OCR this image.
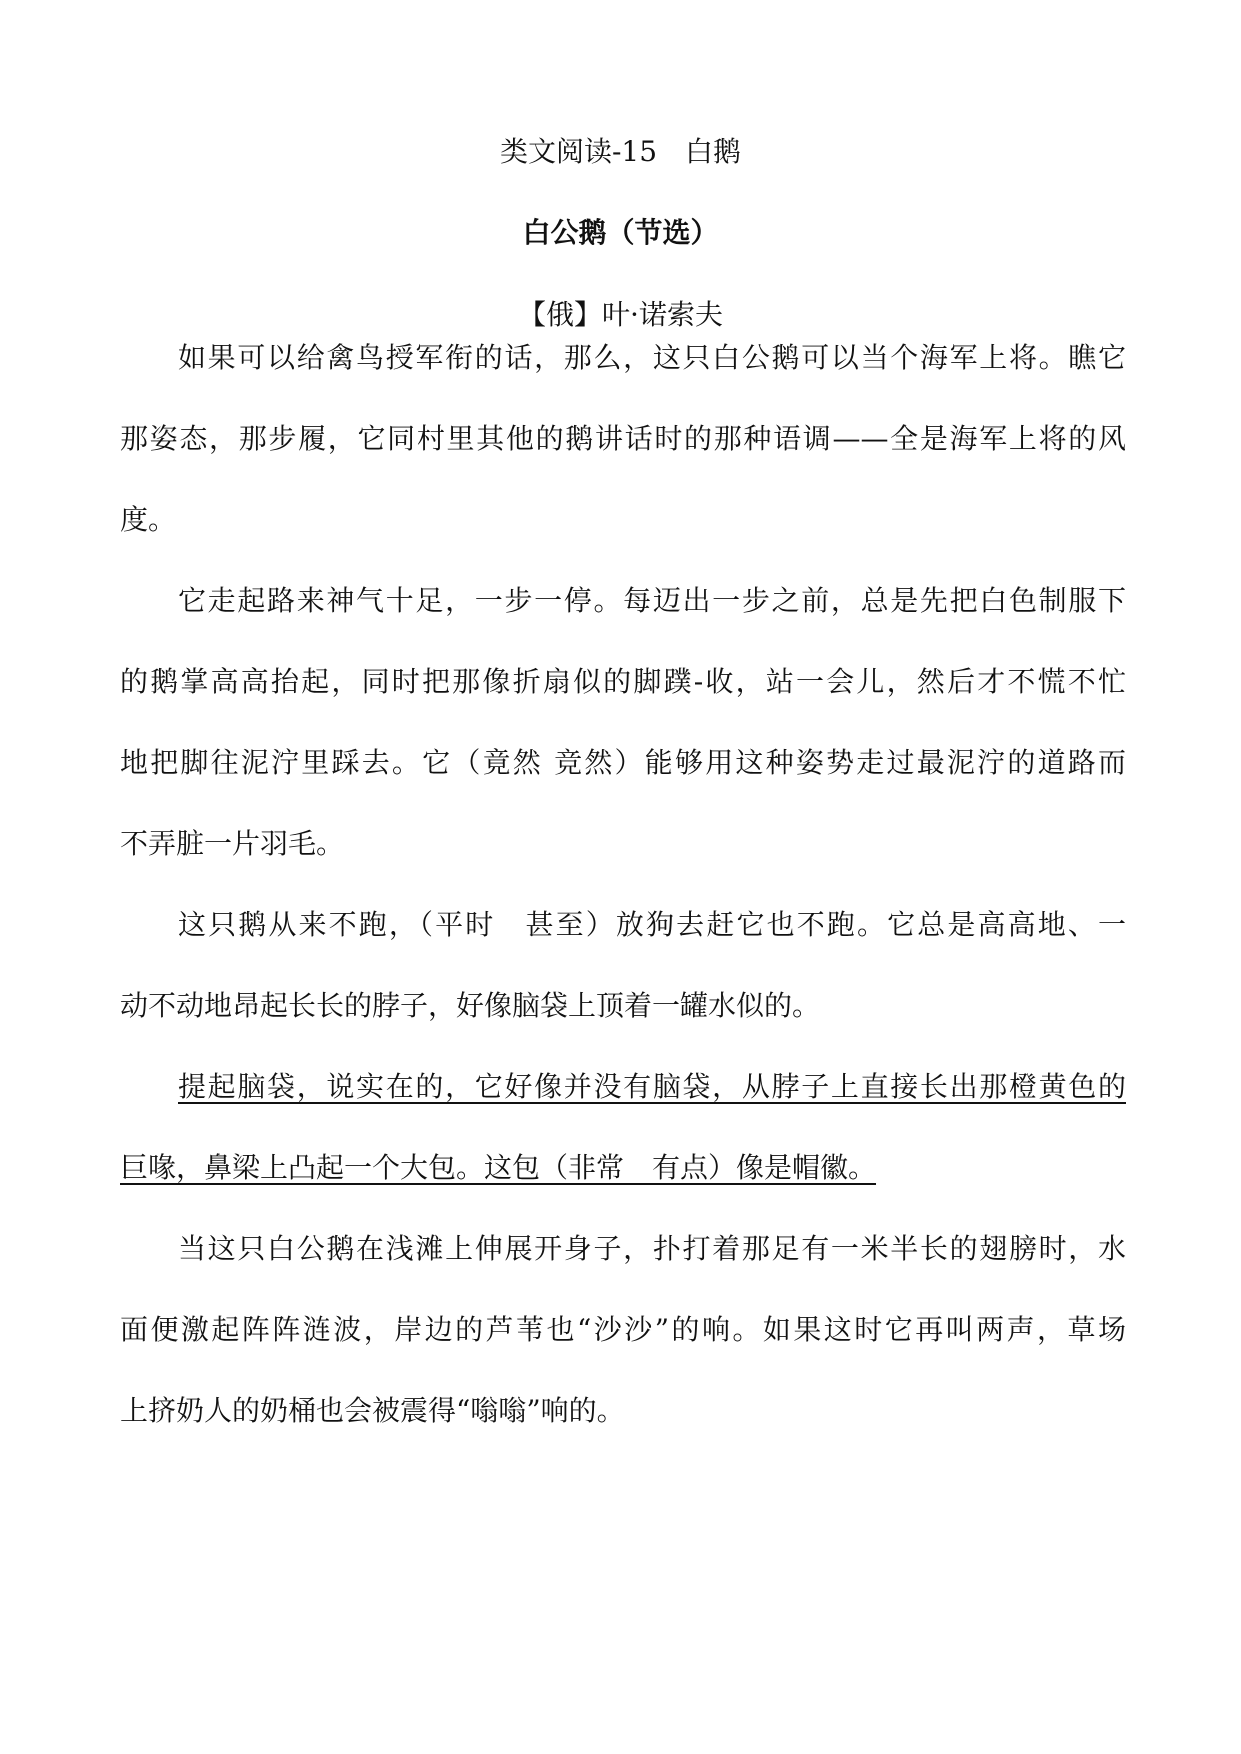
类文阅读-15　白鹅
白公鹅（节选）
【俄】叶·诺索夫
如果可以给禽鸟授军衔的话，那么，这只白公鹅可以当个海军上将。瞧它
那姿态，那步履，它同村里其他的鹅讲话时的那种语调——全是海军上将的风
度。
它走起路来神气十足，一步一停。每迈出一步之前，总是先把白色制服下
的鹅掌高高抬起，同时把那像折扇似的脚蹼-收，站一会儿，然后才不慌不忙
地把脚往泥泞里踩去。它（竟然 竞然）能够用这种姿势走过最泥泞的道路而
不弄脏一片羽毛。
这只鹅从来不跑，（平时　甚至）放狗去赶它也不跑。它总是高高地、一
动不动地昂起长长的脖子，好像脑袋上顶着一罐水似的。
提起脑袋，说实在的，它好像并没有脑袋，从脖子上直接长出那橙黄色的
巨喙，鼻梁上凸起一个大包。这包（非常　有点）像是帽徽。
当这只白公鹅在浅滩上伸展开身子，扑打着那足有一米半长的翅膀时，水
面便激起阵阵涟波，岸边的芦苇也“沙沙”的响。如果这时它再叫两声，草场
上挤奶人的奶桶也会被震得“嗡嗡”响的。
